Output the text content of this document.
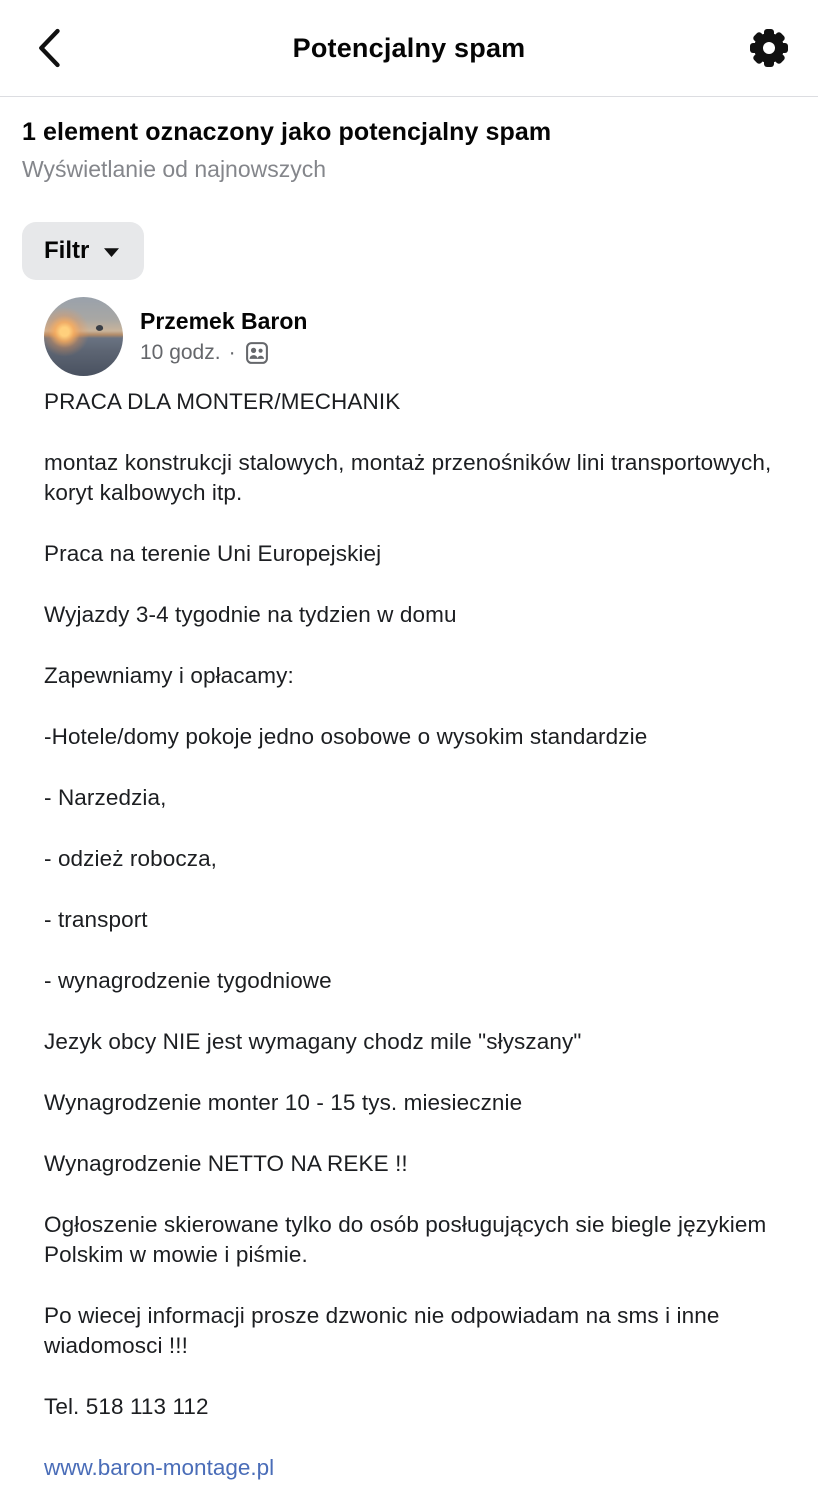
Potencjalny spam
1 element oznaczony jako potencjalny spam
Wyświetlanie od najnowszych
Filtr
Przemek Baron
10 godz. ·

PRACA DLA MONTER/MECHANIK

montaz konstrukcji stalowych, montaż przenośników lini transportowych, koryt kalbowych itp.

Praca na terenie Uni Europejskiej

Wyjazdy 3-4 tygodnie na tydzien w domu

Zapewniamy i opłacamy:

-Hotele/domy pokoje jedno osobowe o wysokim standardzie

- Narzedzia,

- odzież robocza,

- transport

- wynagrodzenie tygodniowe

Jezyk obcy NIE jest wymagany chodz mile "słyszany"

Wynagrodzenie monter 10 - 15 tys. miesiecznie

Wynagrodzenie NETTO NA REKE !!

Ogłoszenie skierowane tylko do osób posługujących sie biegle językiem Polskim w mowie i piśmie.

Po wiecej informacji prosze dzwonic nie odpowiadam na sms i inne wiadomosci !!!

Tel. 518 113 112

www.baron-montage.pl
